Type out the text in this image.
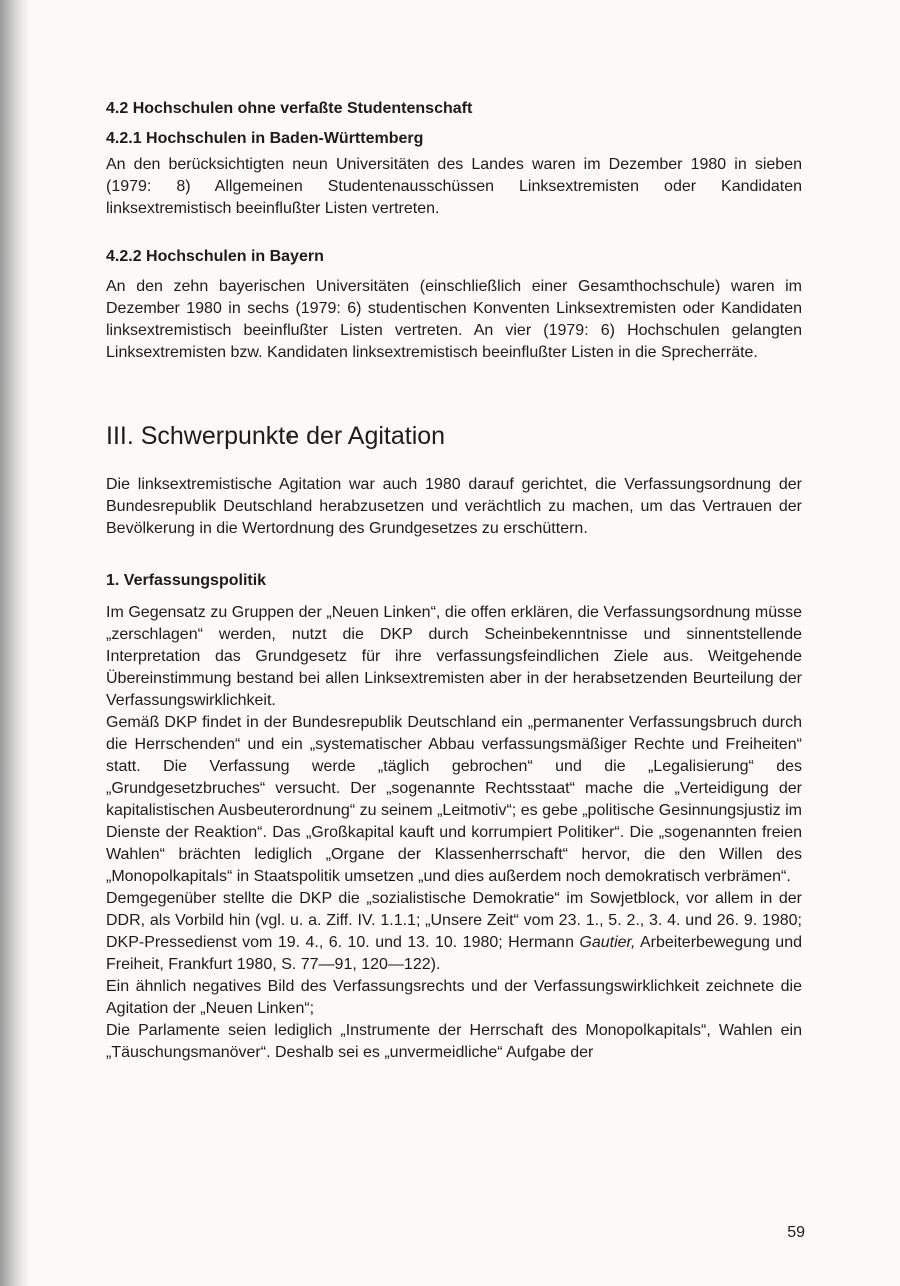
4.2 Hochschulen ohne verfaßte Studentenschaft
4.2.1 Hochschulen in Baden-Württemberg

An den berücksichtigten neun Universitäten des Landes waren im Dezember 1980 in sieben (1979: 8) Allgemeinen Studentenausschüssen Linksextremisten oder Kandidaten linksextremistisch beeinflußter Listen vertreten.

4.2.2 Hochschulen in Bayern

An den zehn bayerischen Universitäten (einschließlich einer Gesamthochschule) waren im Dezember 1980 in sechs (1979: 6) studentischen Konventen Linksextremisten oder Kandidaten linksextremistisch beeinflußter Listen vertreten. An vier (1979: 6) Hochschulen gelangten Linksextremisten bzw. Kandidaten linksextremistisch beeinflußter Listen in die Sprecherräte.

III. Schwerpunkte der Agitation

Die linksextremistische Agitation war auch 1980 darauf gerichtet, die Verfassungsordnung der Bundesrepublik Deutschland herabzusetzen und verächtlich zu machen, um das Vertrauen der Bevölkerung in die Wertordnung des Grundgesetzes zu erschüttern.

1. Verfassungspolitik

Im Gegensatz zu Gruppen der „Neuen Linken“, die offen erklären, die Verfassungsordnung müsse „zerschlagen“ werden, nutzt die DKP durch Scheinbekenntnisse und sinnentstellende Interpretation das Grundgesetz für ihre verfassungsfeindlichen Ziele aus. Weitgehende Übereinstimmung bestand bei allen Linksextremisten aber in der herabsetzenden Beurteilung der Verfassungswirklichkeit.

Gemäß DKP findet in der Bundesrepublik Deutschland ein „permanenter Verfassungsbruch durch die Herrschenden“ und ein „systematischer Abbau verfassungsmäßiger Rechte und Freiheiten“ statt. Die Verfassung werde „täglich gebrochen“ und die „Legalisierung“ des „Grundgesetzbruches“ versucht. Der „sogenannte Rechtsstaat“ mache die „Verteidigung der kapitalistischen Ausbeuterordnung“ zu seinem „Leitmotiv“; es gebe „politische Gesinnungsjustiz im Dienste der Reaktion“. Das „Großkapital kauft und korrumpiert Politiker“. Die „sogenannten freien Wahlen“ brächten lediglich „Organe der Klassenherrschaft“ hervor, die den Willen des „Monopolkapitals“ in Staatspolitik umsetzen „und dies außerdem noch demokratisch verbrämen“.

Demgegenüber stellte die DKP die „sozialistische Demokratie“ im Sowjetblock, vor allem in der DDR, als Vorbild hin (vgl. u. a. Ziff. IV. 1.1.1; „Unsere Zeit“ vom 23. 1., 5. 2., 3. 4. und 26. 9. 1980; DKP-Pressedienst vom 19. 4., 6. 10. und 13. 10. 1980; Hermann Gautier, Arbeiterbewegung und Freiheit, Frankfurt 1980, S. 77—91, 120—122).

Ein ähnlich negatives Bild des Verfassungsrechts und der Verfassungswirklichkeit zeichnete die Agitation der „Neuen Linken“;

Die Parlamente seien lediglich „Instrumente der Herrschaft des Monopolkapitals“, Wahlen ein „Täuschungsmanöver“. Deshalb sei es „unvermeidliche“ Aufgabe der

59
